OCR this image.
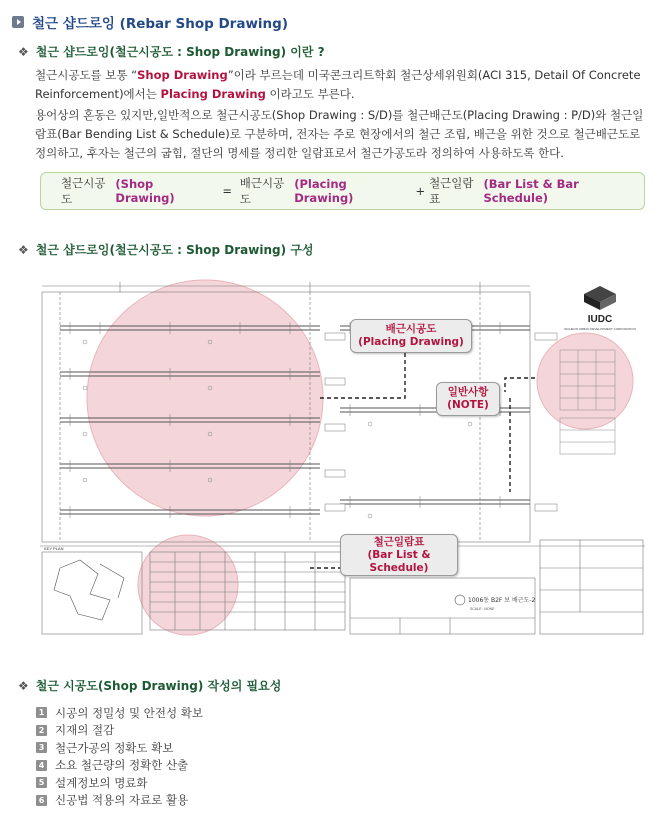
철근 샵드로잉 (Rebar Shop Drawing)
❖ 철근 샵드로잉(철근시공도 : Shop Drawing) 이란 ?
철근시공도를 보통 “Shop Drawing”이라 부르는데 미국콘크리트학회 철근상세위원회(ACI 315, Detail Of Concrete Reinforcement)에서는 Placing Drawing 이라고도 부른다.
용어상의 혼동은 있지만,일반적으로 철근시공도(Shop Drawing : S/D)를 철근배근도(Placing Drawing : P/D)와 철근일람표(Bar Bending List & Schedule)로 구분하며, 전자는 주로 현장에서의 철근 조립, 배근을 위한 것으로 철근배근도로 정의하고, 후자는 철근의 굽힘, 절단의 명세를 정리한 일람표로서 철근가공도라 정의하여 사용하도록 한다.
철근시공도
(Shop Drawing)	=
배근시공도
(Placing Drawing)	+
철근일람표
(Bar List & Bar Schedule)
❖ 철근 샵드로잉(철근시공도 : Shop Drawing) 구성
IUDC
INCHEON URBAN DEVELOPMENT CORPORATION
KEY PLAN
1006동 B2F 보 배근도-2
SCALE : NONE
배근시공도
(Placing Drawing)
일반사항
(NOTE)
철근일람표
(Bar List & Schedule)
❖ 철근 시공도(Shop Drawing) 작성의 필요성
1 시공의 정밀성 및 안전성 확보
2 지재의 절감
3 철근가공의 정확도 확보
4 소요 철근량의 정확한 산출
5 설계정보의 명료화
6 신공법 적용의 자료로 활용
